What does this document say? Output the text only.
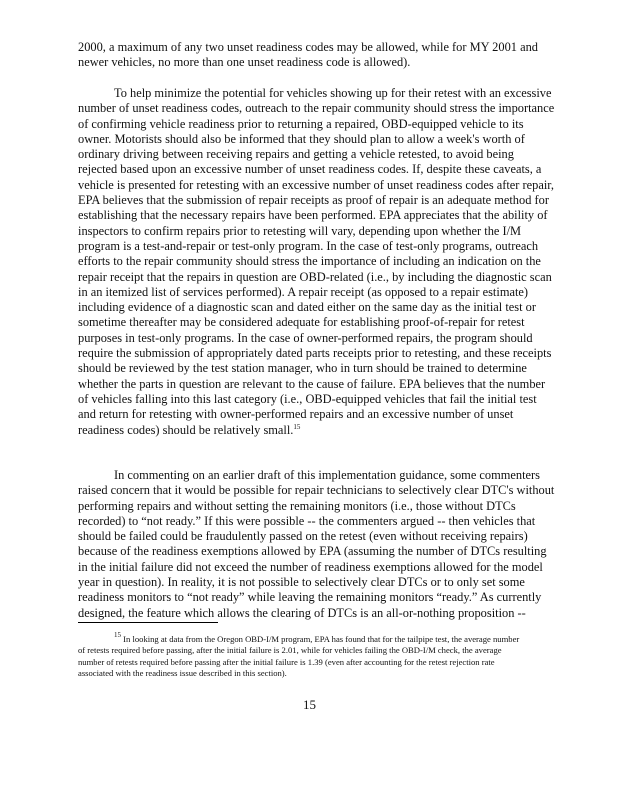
2000, a maximum of any two unset readiness codes may be allowed, while for MY 2001 and
newer vehicles, no more than one unset readiness code is allowed).
To help minimize the potential for vehicles showing up for their retest with an excessive
number of unset readiness codes, outreach to the repair community should stress the importance
of confirming vehicle readiness prior to returning a repaired, OBD-equipped vehicle to its
owner. Motorists should also be informed that they should plan to allow a week's worth of
ordinary driving between receiving repairs and getting a vehicle retested, to avoid being
rejected based upon an excessive number of unset readiness codes. If, despite these caveats, a
vehicle is presented for retesting with an excessive number of unset readiness codes after repair,
EPA believes that the submission of repair receipts as proof of repair is an adequate method for
establishing that the necessary repairs have been performed. EPA appreciates that the ability of
inspectors to confirm repairs prior to retesting will vary, depending upon whether the I/M
program is a test-and-repair or test-only program. In the case of test-only programs, outreach
efforts to the repair community should stress the importance of including an indication on the
repair receipt that the repairs in question are OBD-related (i.e., by including the diagnostic scan
in an itemized list of services performed). A repair receipt (as opposed to a repair estimate)
including evidence of a diagnostic scan and dated either on the same day as the initial test or
sometime thereafter may be considered adequate for establishing proof-of-repair for retest
purposes in test-only programs. In the case of owner-performed repairs, the program should
require the submission of appropriately dated parts receipts prior to retesting, and these receipts
should be reviewed by the test station manager, who in turn should be trained to determine
whether the parts in question are relevant to the cause of failure. EPA believes that the number
of vehicles falling into this last category (i.e., OBD-equipped vehicles that fail the initial test
and return for retesting with owner-performed repairs and an excessive number of unset
readiness codes) should be relatively small.$^{15}$
In commenting on an earlier draft of this implementation guidance, some commenters
raised concern that it would be possible for repair technicians to selectively clear DTC's without
performing repairs and without setting the remaining monitors (i.e., those without DTCs
recorded) to “not ready.” If this were possible -- the commenters argued -- then vehicles that
should be failed could be fraudulently passed on the retest (even without receiving repairs)
because of the readiness exemptions allowed by EPA (assuming the number of DTCs resulting
in the initial failure did not exceed the number of readiness exemptions allowed for the model
year in question). In reality, it is not possible to selectively clear DTCs or to only set some
readiness monitors to “not ready” while leaving the remaining monitors “ready.” As currently
designed, the feature which allows the clearing of DTCs is an all-or-nothing proposition --
$^{15}$ In looking at data from the Oregon OBD-I/M program, EPA has found that for the tailpipe test, the average number
of retests required before passing, after the initial failure is 2.01, while for vehicles failing the OBD-I/M check, the average
number of retests required before passing after the initial failure is 1.39 (even after accounting for the retest rejection rate
associated with the readiness issue described in this section).
15
